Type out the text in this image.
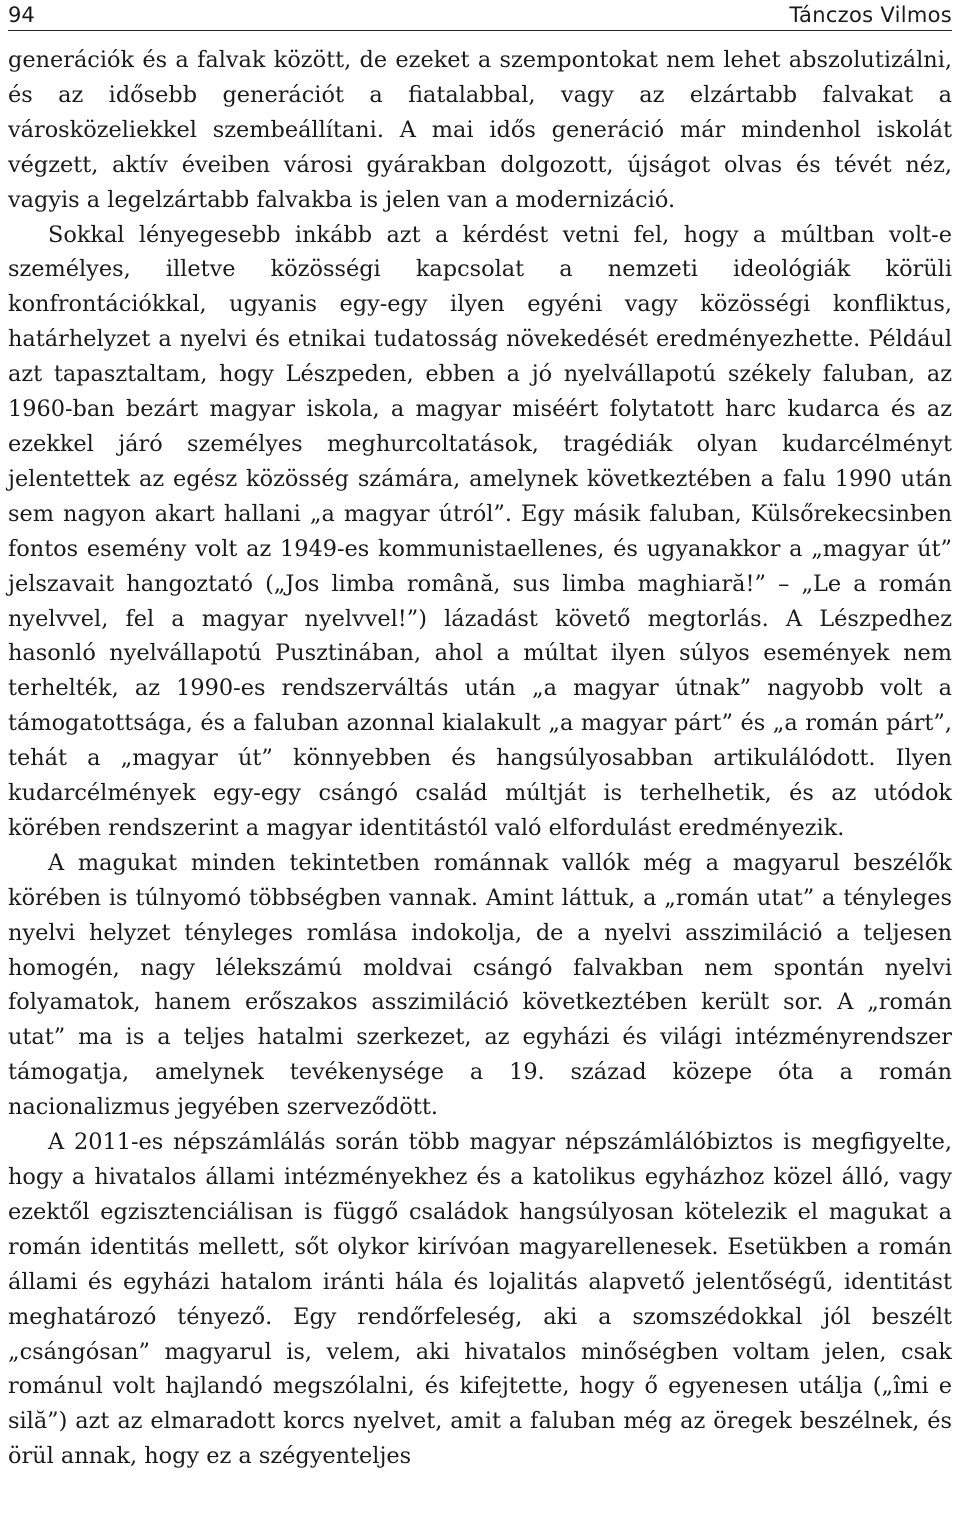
94	Tánczos Vilmos

generációk és a falvak között, de ezeket a szempontokat nem lehet abszolutizálni, és az idősebb generációt a fiatalabbal, vagy az elzártabb falvakat a városközeliekkel szembeállítani. A mai idős generáció már mindenhol iskolát végzett, aktív éveiben városi gyárakban dolgozott, újságot olvas és tévét néz, vagyis a legelzártabb falvakba is jelen van a modernizáció.

Sokkal lényegesebb inkább azt a kérdést vetni fel, hogy a múltban volt-e személyes, illetve közösségi kapcsolat a nemzeti ideológiák körüli konfrontációkkal, ugyanis egy-egy ilyen egyéni vagy közösségi konfliktus, határhelyzet a nyelvi és etnikai tudatosság növekedését eredményezhette. Például azt tapasztaltam, hogy Lészpeden, ebben a jó nyelvállapotú székely faluban, az 1960-ban bezárt magyar iskola, a magyar miséért folytatott harc kudarca és az ezekkel járó személyes meghurcoltatások, tragédiák olyan kudarcélményt jelentettek az egész közösség számára, amelynek következtében a falu 1990 után sem nagyon akart hallani „a magyar útról”. Egy másik faluban, Külsőrekecsinben fontos esemény volt az 1949-es kommunistaellenes, és ugyanakkor a „magyar út” jelszavait hangoztató („Jos limba română, sus limba maghiară!” – „Le a román nyelvvel, fel a magyar nyelvvel!”) lázadást követő megtorlás. A Lészpedhez hasonló nyelvállapotú Pusztinában, ahol a múltat ilyen súlyos események nem terhelték, az 1990-es rendszerváltás után „a magyar útnak” nagyobb volt a támogatottsága, és a faluban azonnal kialakult „a magyar párt” és „a román párt”, tehát a „magyar út” könnyebben és hangsúlyosabban artikulálódott. Ilyen kudarcélmények egy-egy csángó család múltját is terhelhetik, és az utódok körében rendszerint a magyar identitástól való elfordulást eredményezik.

A magukat minden tekintetben románnak vallók még a magyarul beszélők körében is túlnyomó többségben vannak. Amint láttuk, a „román utat” a tényleges nyelvi helyzet tényleges romlása indokolja, de a nyelvi asszimiláció a teljesen homogén, nagy lélekszámú moldvai csángó falvakban nem spontán nyelvi folyamatok, hanem erőszakos asszimiláció következtében került sor. A „román utat” ma is a teljes hatalmi szerkezet, az egyházi és világi intézményrendszer támogatja, amelynek tevékenysége a 19. század közepe óta a román nacionalizmus jegyében szerveződött.

A 2011-es népszámlálás során több magyar népszámlálóbiztos is megfigyelte, hogy a hivatalos állami intézményekhez és a katolikus egyházhoz közel álló, vagy ezektől egzisztenciálisan is függő családok hangsúlyosan kötelezik el magukat a román identitás mellett, sőt olykor kirívóan magyarellenesek. Esetükben a román állami és egyházi hatalom iránti hála és lojalitás alapvető jelentőségű, identitást meghatározó tényező. Egy rendőrfeleség, aki a szomszédokkal jól beszélt „csángósan” magyarul is, velem, aki hivatalos minőségben voltam jelen, csak románul volt hajlandó megszólalni, és kifejtette, hogy ő egyenesen utálja („îmi e silă”) azt az elmaradott korcs nyelvet, amit a faluban még az öregek beszélnek, és örül annak, hogy ez a szégyenteljes
